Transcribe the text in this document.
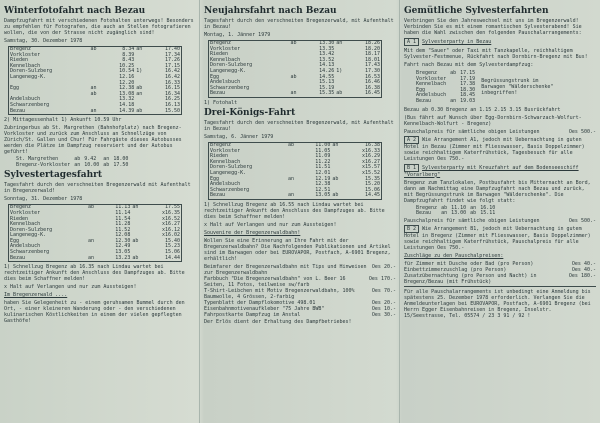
Winterfotofahrt nach Bezau

Dampfzugfahrt mit verschiedenen Fotohalten unterwegs! Besonders zu empfehlen für Fotografen, die auch an Stellen fotografieren wollen, die von der Strasse nicht zugänglich sind!

Samstag, 30. Dezember 1978
Bregenz	ab	8.34	an	17.40
Vorkloster		8.39		17.34
Rieden		8.43		17.26
Kennelbach		10.25		17.15
Doren-Sulzberg		10.54	1)	16.42
Langenegg-K.		12.16		16.42
		12.20		16.33
Egg	an	12.38	ab	16.15
	ab	13.08	an	16.34
Andelsbuch		13.32		16.25
Schwarzenberg		14.18		16.13
Bezau	an	14.39	ab	15.50
2) Mittagessenhalt 1) Ankunft 10.59 Uhr

Zubringerbus ab St. Margrethen (Bahnhofplatz) nach Bregenz-Vorkloster und zurück zum Anschluss an Schnellzüge von Zürich/St. Gallen und Chur! Für Fahrgäste dieses Autobusses werden die Plätze im Dampfzug reserviert und der Autobus geführt!

St. Margrethen	ab	9.42	an	18.00
Bregenz-Vorkloster	an	10.00	ab	17.50
Sylvestertagesfahrt

Tagesfahrt durch den verschneiten Bregenzerwald mit Aufenthalt in Bregenzerwald!

Sonntag, 31. Dezember 1978
Bregenz	ab	11.13	an	17.55
Vorkloster		11.14		x16.35
Rieden		11.54		x16.52
Kennelbach		11.28		x16.27
Doren-Sulzberg		11.52		x16.12
Langenegg-K.		12.08		x16.02
Egg	an	12.30	ab	15.40
Andelsbuch		12.49		15.23
Schwarzenberg		13.05		15.06
Bezau	an	13.23	ab	14.44
1) Schnellzug Bregenz ab 16.35 nach Lindau wartet bei rechtzeitiger Ankunft den Anschluss des Dampfzuges ab. Bitte dies beim Schaffner melden!
x Halt auf Verlangen und nur zum Aussteigen!
Im Bregenzerwald ....

haben Sie Gelegenheit zu - einem geruhsamen Bummel durch den Ort, - einer kleineren Wanderung oder - den verschiedenen kulinarischen Köstlichkeiten in einem der vielen gepflegten Gasthöfe!

Neujahrsfahrt nach Bezau

Tagesfahrt durch den verschneiten Bregenzerwald, mit Aufenthalt in Bezau!

Montag, 1. Jänner 1979
Bregenz	ab	13.30	an	18.26
Vorkloster		13.35		18.20
Rieden		13.42		18.17
Kennelbach		13.52		18.01
Doren-Sulzberg		14.13		17.43
Langenegg-K.		14.26	1)	17.30
Egg	ab	14.55		16.53
Andelsbuch		15.13		16.46
Schwarzenberg		15.19		16.38
Bezau	an	15.35	ab	16.45
1) Fotohalt
Drei-Königs-Fahrt

Tagesfahrt durch den verschneiten Bregenzerwald, mit Aufenthalt in Bezau!

Samstag, 6. Jänner 1979
Bregenz	ab	11.00	an	16.38
Vorkloster		11.05		x16.33
Rieden		11.09		x16.29
Kennelbach		11.22		x16.27
Doren-Sulzberg		11.51		x15.57
Langenegg-K.		12.01		x15.52
Egg	an	12.19	ab	15.35
Andelsbuch		12.38		15.20
Schwarzenberg		12.51		15.06
Bezau	an	13.05	ab	14.45
1) Schnellzug Bregenz ab 16.55 nach Lindau wartet bei rechtzeitiger Ankunft den Anschluss des Dampfzuges ab. Bitte dies beim Schaffner melden!
x Halt auf Verlangen und nur zum Aussteigen!
Souvenire der Bregenzerwaldbahn!

Wollen Sie eine Erinnerung an Ihre Fahrt mit der Bregenzerwaldbahn? Die Nachfolgenden Publikationen und Artikel sind im Barwagen oder bei EUROVAPOR, Postfach, A-6901 Bregenz, erhältlich!

Beimfarer der Bregenzerwaldbahn mit Tips und Hinweisen zur Bregenzerwaldbahn
Oes 20.-
Farbbuch "Die Bregenzerwaldbahn" von L. Beer 16 Seiten, 11 Fotos, teilweise sw/farb
Oes 170.-
T-Shirt-Leibchen mit Motiv Bregenzerwaldbahn, 100% Baumwolle, 4 Grössen, 2-farbig
Oes 70.-
Typenblatt der Dampflokomotive 498.01	Oes 20.-
Eisenbahnmotivenaufkleber "75 Jahre BWB"	Oes 10.-
Fahrpostkarte Dampfzug im Anstal	Oes 30.-
Der Erlös dient der Erhaltung des Dampfbetriebes!
Gemütliche Sylvesterfahrten

Verbringen Sie den Jahreswechsel mit uns im Bregenzerwald! Verbinden Sie es mit einem romantischen Sylvesterabend! Sie haben die Wahl zwischen den folgenden Pauschalarrangements:

A 1 Sylvesterparty in Bezau

Mit dem "Sauer" oder Taxi mit Tanzkapelle, reichhaltigem Sylvester-Festmenue, Rückfahrt nach Dornbirn-Bregenz mit Bus!

Fahrt nach Bezau mit dem Sylvesterdampfzug:

Bregenz	ab	17.15
Vorkloster		17.19
Kennelbach		17.38
Egg		18.30
Andelsbuch		18.45
Bezau	an	19.03
Begrüssungstrunk im Barwagen "Wälderschenke" inbegriffen!
Bezau ab 0.30 Bregenz an 1.15 2.15 3.15 Busrückfahrt

(Bus fährt auf Wunsch über Egg-Dornbirn-Schwarzach-Wolfurt-Kennelbach-Wolfurt - Bregenz)

Pauschalpreis für sämtliche obigen Leistungen	Oes 500.-

A 2 Wie Arrangement A1, jedoch mit Uebernachtung in guten Hotel in Bezau (Zimmer mit Fliesswasser, Basis Doppelzimmer) sowie reichhaltigem Katerfrühstück, Tagesbesuch für alle Leistungen Oes 750.-

B 1 Sylvesterparty mit Kreuzfahrt auf dem Bodenseeschiff "Vorarlberg"

Bregenz zum Tanzlokalen, Postbusfahrt bis Mitternacht an Bord, dann am Nachmittag eine Dampfzugfahrt nach Bezau und zurück, mit Begrüssungstrunk im Barwagen "Wälderschenke". Die Dampfzugfahrt findet wie folgt statt:

Bregenz	ab	11.10	an	16.10
Bezau	an	13.00	ab	15.11
Pauschalpreis für sämtliche obigen Leistungen	Oes 500.-

B 2 Wie Arrangement B1, jedoch mit Uebernachtung in gutem Hotel in Bregenz (Zimmer mit Fliesswasser, Basis Doppelzimmer) sowie reichhaltigem Katerfrühstück, Pauschalpreis für alle Leistungen Oes 750.-

Zuschläge zu den Pauschalpreisen:
für Zimmer mit Dusche oder Bad (pro Person)	Oes 40.-
Einbettzimmerzuschlag (pro Person)	Oes 40.-
Zusatzübernachtung (pro Person und Nacht) in Bregenz/Bezau (mit Frühstück)
Oes 180.-

Für alle Pauschalarrangements ist unbedingt eine Anmeldung bis spätestens 25. Dezember 1978 erforderlich. Verlangen Sie die Anmeldeunterlagen bei EUROVAPOR, Postfach, A-6901 Bregenz (bei Herrn Egger Eisenbahnreisen in Bregenz, Inselstr. 15/Seestrasse, Tel. 05574 / 23 3 91 / 92 !
